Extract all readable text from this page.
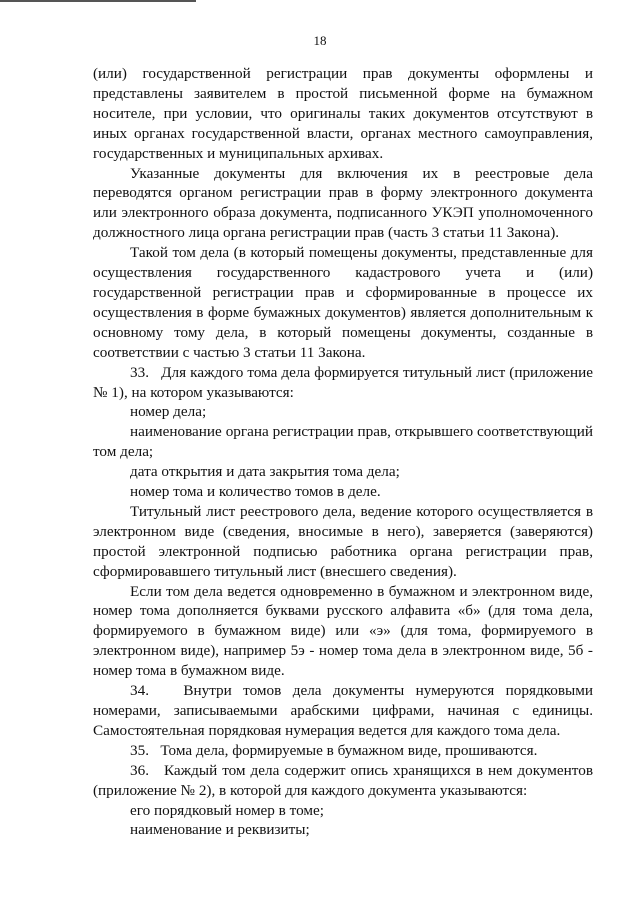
18

(или) государственной регистрации прав документы оформлены и представлены заявителем в простой письменной форме на бумажном носителе, при условии, что оригиналы таких документов отсутствуют в иных органах государственной власти, органах местного самоуправления, государственных и муниципальных архивах.

Указанные документы для включения их в реестровые дела переводятся органом регистрации прав в форму электронного документа или электронного образа документа, подписанного УКЭП уполномоченного должностного лица органа регистрации прав (часть 3 статьи 11 Закона).

Такой том дела (в который помещены документы, представленные для осуществления государственного кадастрового учета и (или) государственной регистрации прав и сформированные в процессе их осуществления в форме бумажных документов) является дополнительным к основному тому дела, в который помещены документы, созданные в соответствии с частью 3 статьи 11 Закона.

33.   Для каждого тома дела формируется титульный лист (приложение № 1), на котором указываются:

номер дела;

наименование органа регистрации прав, открывшего соответствующий том дела;

дата открытия и дата закрытия тома дела;

номер тома и количество томов в деле.

Титульный лист реестрового дела, ведение которого осуществляется в электронном виде (сведения, вносимые в него), заверяется (заверяются) простой электронной подписью работника органа регистрации прав, сформировавшего титульный лист (внесшего сведения).

Если том дела ведется одновременно в бумажном и электронном виде, номер тома дополняется буквами русского алфавита «б» (для тома дела, формируемого в бумажном виде) или «э» (для тома, формируемого в электронном виде), например 5э - номер тома дела в электронном виде, 5б - номер тома в бумажном виде.

34.   Внутри томов дела документы нумеруются порядковыми номерами, записываемыми арабскими цифрами, начиная с единицы. Самостоятельная порядковая нумерация ведется для каждого тома дела.

35.   Тома дела, формируемые в бумажном виде, прошиваются.

36.   Каждый том дела содержит опись хранящихся в нем документов (приложение № 2), в которой для каждого документа указываются:

его порядковый номер в томе;

наименование и реквизиты;
